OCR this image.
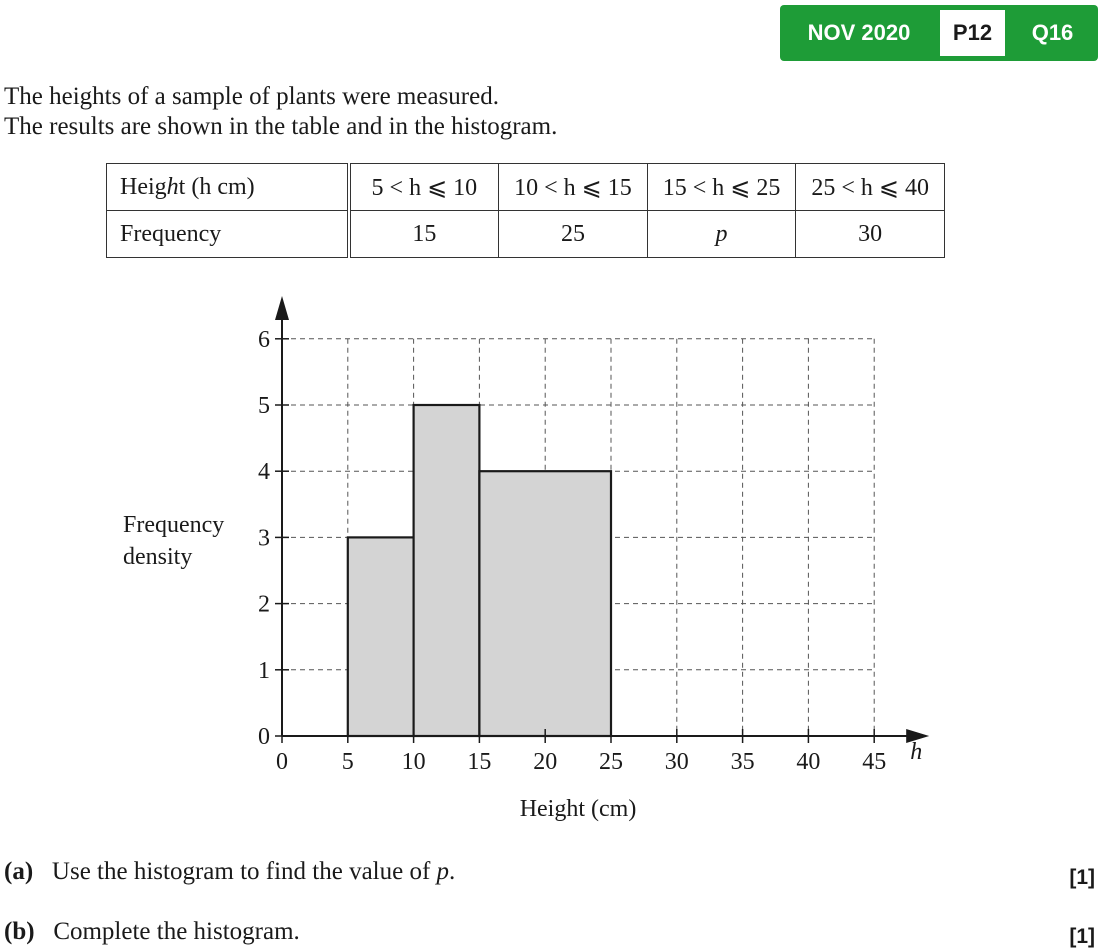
NOV 2020	P12	Q16
The heights of a sample of plants were measured.
The results are shown in the table and in the histogram.
Height (h cm)	5 < h ⩽ 10	10 < h ⩽ 15	15 < h ⩽ 25	25 < h ⩽ 40
Frequency	15	25	p	30
0 5 10 15 20 25 30 35 40 45
0
1
2
3
4
5
6
h
Height (cm)
Frequency density
(a) Use the histogram to find the value of p.	[1]
(b) Complete the histogram.	[1]
